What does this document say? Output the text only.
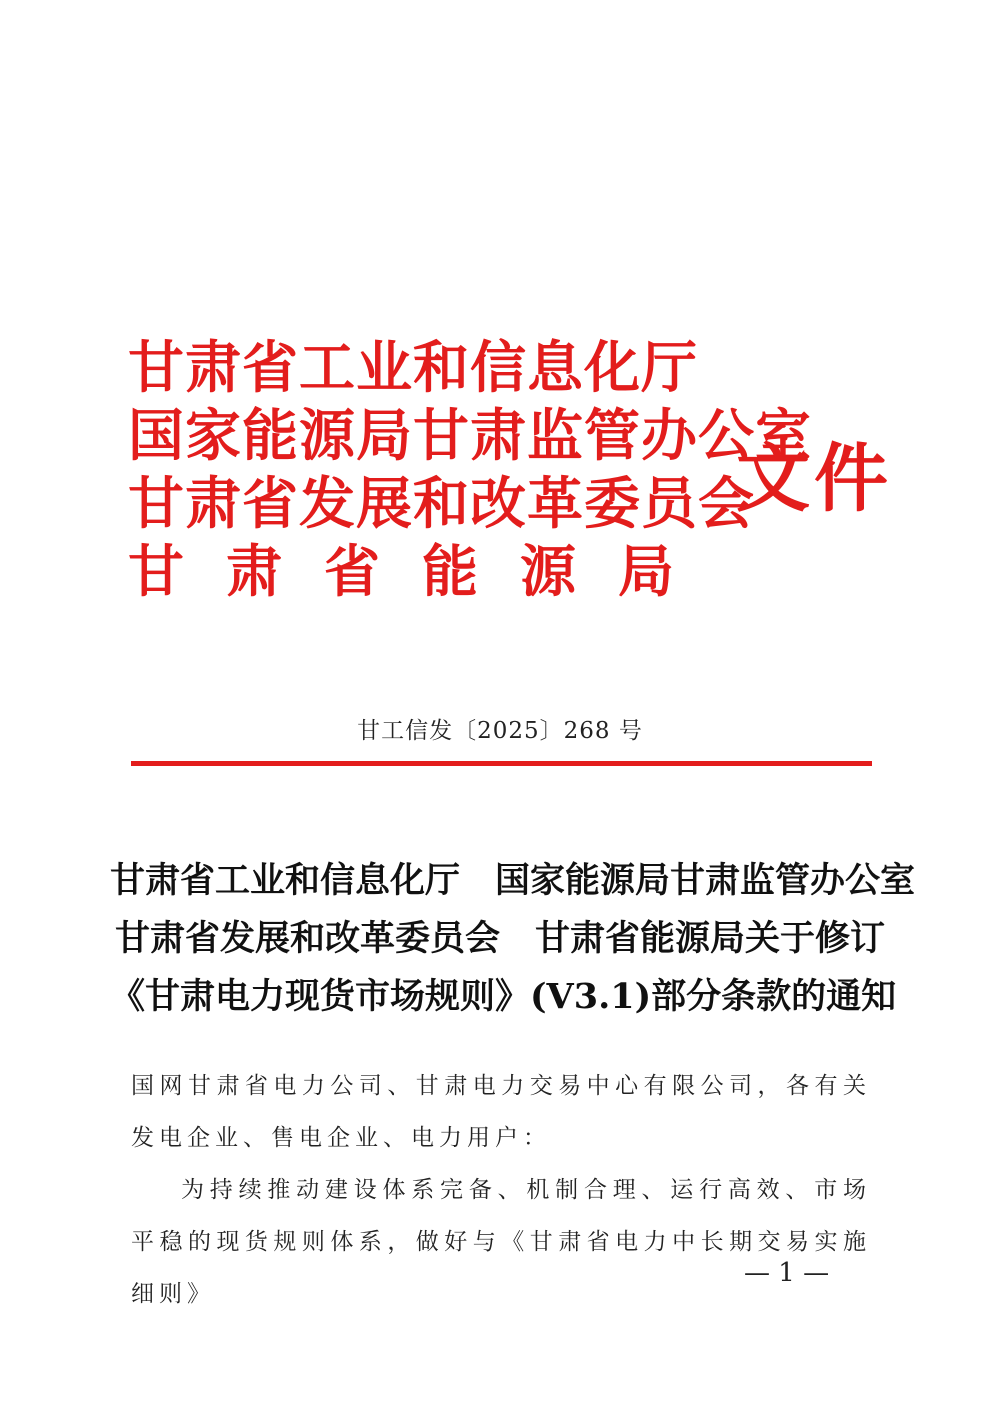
甘肃省工业和信息化厅
国家能源局甘肃监管办公室
甘肃省发展和改革委员会
甘肃省能源局
文件
甘工信发〔2025〕268 号
甘肃省工业和信息化厅　国家能源局甘肃监管办公室
甘肃省发展和改革委员会　甘肃省能源局关于修订
《甘肃电力现货市场规则》(V3.1)部分条款的通知
国网甘肃省电力公司、甘肃电力交易中心有限公司，各有关发电企业、售电企业、电力用户：
为持续推动建设体系完备、机制合理、运行高效、市场平稳的现货规则体系，做好与《甘肃省电力中长期交易实施细则》
— 1 —
